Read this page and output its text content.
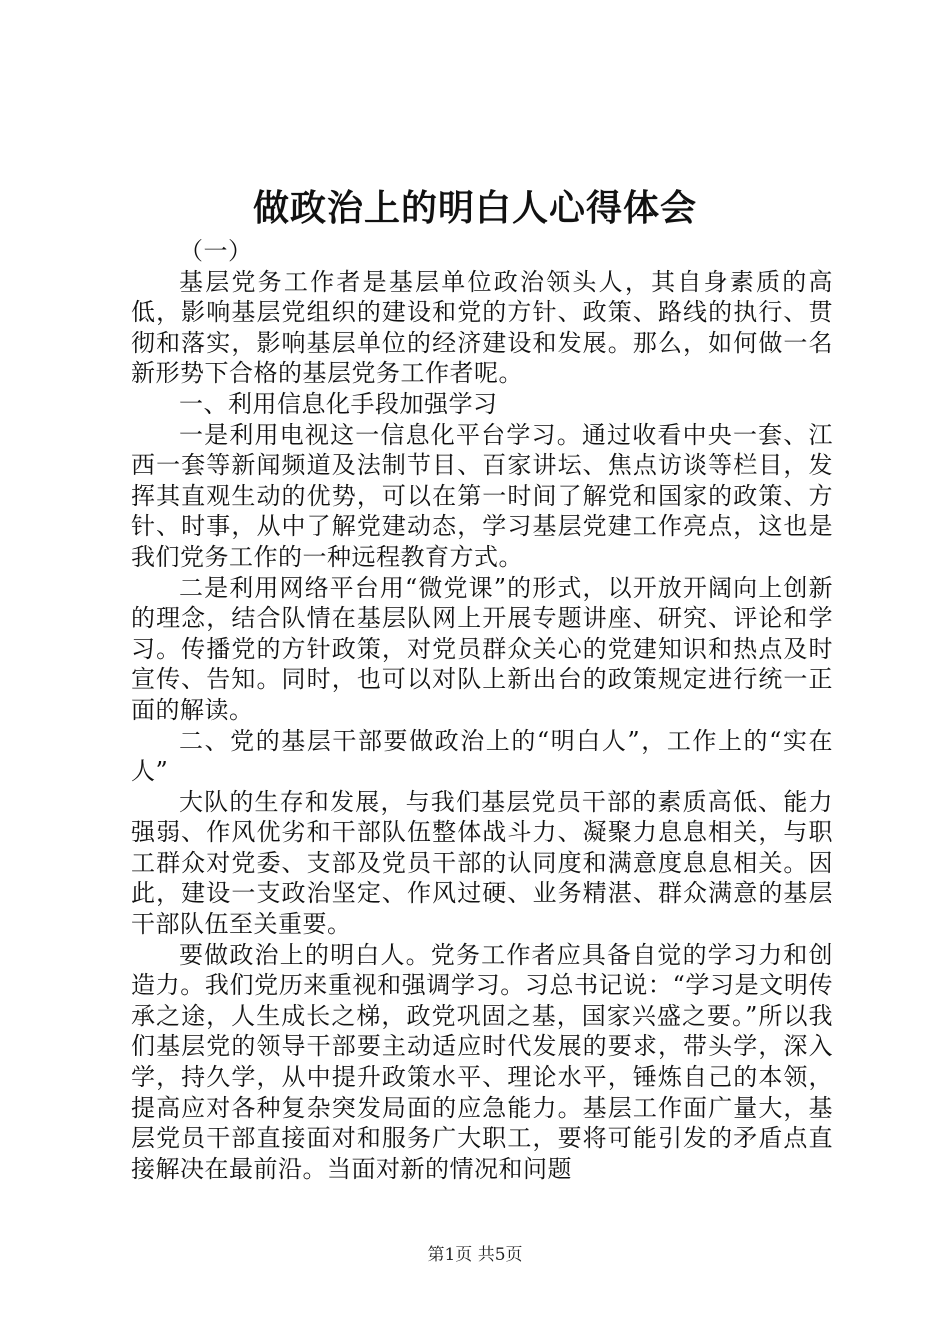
做政治上的明白人心得体会

（一）

基层党务工作者是基层单位政治领头人，其自身素质的高低，影响基层党组织的建设和党的方针、政策、路线的执行、贯彻和落实，影响基层单位的经济建设和发展。那么，如何做一名新形势下合格的基层党务工作者呢。

一、利用信息化手段加强学习

一是利用电视这一信息化平台学习。通过收看中央一套、江西一套等新闻频道及法制节目、百家讲坛、焦点访谈等栏目，发挥其直观生动的优势，可以在第一时间了解党和国家的政策、方针、时事，从中了解党建动态，学习基层党建工作亮点，这也是我们党务工作的一种远程教育方式。

二是利用网络平台用“微党课”的形式，以开放开阔向上创新的理念，结合队情在基层队网上开展专题讲座、研究、评论和学习。传播党的方针政策，对党员群众关心的党建知识和热点及时宣传、告知。同时，也可以对队上新出台的政策规定进行统一正面的解读。

二、党的基层干部要做政治上的“明白人”，工作上的“实在人”

大队的生存和发展，与我们基层党员干部的素质高低、能力强弱、作风优劣和干部队伍整体战斗力、凝聚力息息相关，与职工群众对党委、支部及党员干部的认同度和满意度息息相关。因此，建设一支政治坚定、作风过硬、业务精湛、群众满意的基层干部队伍至关重要。

要做政治上的明白人。党务工作者应具备自觉的学习力和创造力。我们党历来重视和强调学习。习总书记说：“学习是文明传承之途，人生成长之梯，政党巩固之基，国家兴盛之要。”所以我们基层党的领导干部要主动适应时代发展的要求，带头学，深入学，持久学，从中提升政策水平、理论水平，锤炼自己的本领，提高应对各种复杂突发局面的应急能力。基层工作面广量大，基层党员干部直接面对和服务广大职工，要将可能引发的矛盾点直接解决在最前沿。当面对新的情况和问题

第1页 共5页
